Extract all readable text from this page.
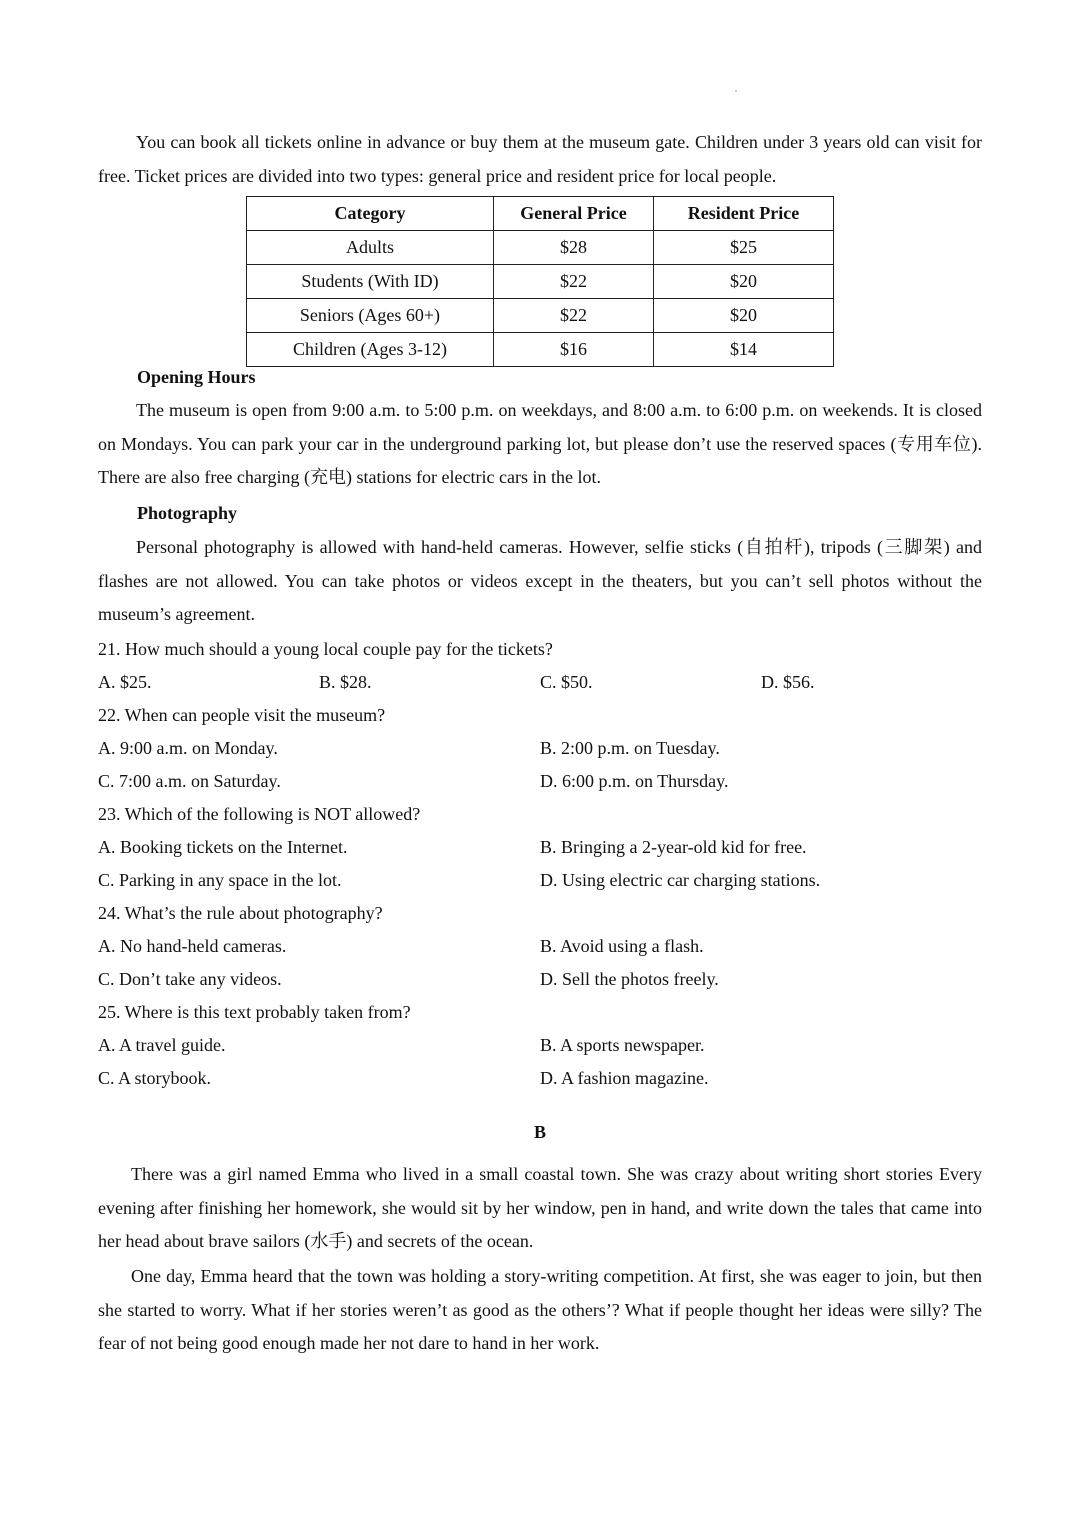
You can book all tickets online in advance or buy them at the museum gate. Children under 3 years old can visit for free. Ticket prices are divided into two types: general price and resident price for local people.
Category	General Price	Resident Price
Adults	$28	$25
Students (With ID)	$22	$20
Seniors (Ages 60+)	$22	$20
Children (Ages 3-12)	$16	$14
Opening Hours
The museum is open from 9:00 a.m. to 5:00 p.m. on weekdays, and 8:00 a.m. to 6:00 p.m. on weekends. It is closed on Mondays. You can park your car in the underground parking lot, but please don’t use the reserved spaces (专用车位). There are also free charging (充电) stations for electric cars in the lot.
Photography
Personal photography is allowed with hand-held cameras. However, selfie sticks (自拍杆), tripods (三脚架) and flashes are not allowed. You can take photos or videos except in the theaters, but you can’t sell photos without the museum’s agreement.
21. How much should a young local couple pay for the tickets?
A. $25.	B. $28.	C. $50.	D. $56.
22. When can people visit the museum?
A. 9:00 a.m. on Monday.	B. 2:00 p.m. on Tuesday.
C. 7:00 a.m. on Saturday.	D. 6:00 p.m. on Thursday.
23. Which of the following is NOT allowed?
A. Booking tickets on the Internet.	B. Bringing a 2-year-old kid for free.
C. Parking in any space in the lot.	D. Using electric car charging stations.
24. What’s the rule about photography?
A. No hand-held cameras.	B. Avoid using a flash.
C. Don’t take any videos.	D. Sell the photos freely.
25. Where is this text probably taken from?
A. A travel guide.	B. A sports newspaper.
C. A storybook.	D. A fashion magazine.
B
There was a girl named Emma who lived in a small coastal town. She was crazy about writing short stories Every evening after finishing her homework, she would sit by her window, pen in hand, and write down the tales that came into her head about brave sailors (水手) and secrets of the ocean.
One day, Emma heard that the town was holding a story-writing competition. At first, she was eager to join, but then she started to worry. What if her stories weren’t as good as the others’? What if people thought her ideas were silly? The fear of not being good enough made her not dare to hand in her work.
